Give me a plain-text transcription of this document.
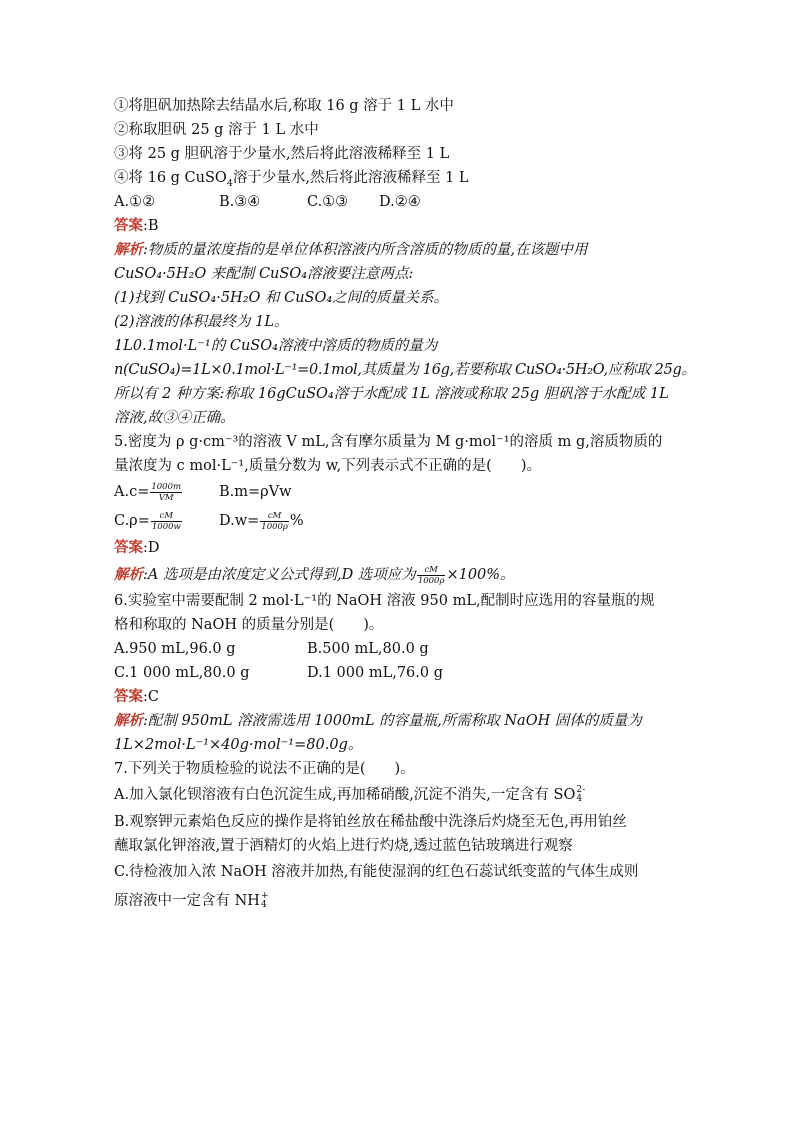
①将胆矾加热除去结晶水后,称取 16 g 溶于 1 L 水中
②称取胆矾 25 g 溶于 1 L 水中
③将 25 g 胆矾溶于少量水,然后将此溶液稀释至 1 L
④将 16 g CuSO$_4$溶于少量水,然后将此溶液稀释至 1 L
A.①②	B.③④	C.①③ D.②④
答案:B
解析:物质的量浓度指的是单位体积溶液内所含溶质的物质的量,在该题中用
CuSO₄·5H₂O 来配制 CuSO₄溶液要注意两点:
(1)找到 CuSO₄·5H₂O 和 CuSO₄之间的质量关系。
(2)溶液的体积最终为 1L。
1L0.1mol·L⁻¹的 CuSO₄溶液中溶质的物质的量为
n(CuSO₄)=1L×0.1mol·L⁻¹=0.1mol,其质量为 16g,若要称取 CuSO₄·5H₂O,应称取 25g。
所以有 2 种方案:称取 16gCuSO₄溶于水配成 1L 溶液或称取 25g 胆矾溶于水配成 1L
溶液,故③④正确。
5.密度为 ρ g·cm⁻³的溶液 V mL,含有摩尔质量为 M g·mol⁻¹的溶质 m g,溶质物质的
量浓度为 c mol·L⁻¹,质量分数为 w,下列表示式不正确的是(　　)。
$A.c= \frac{1000m}{VM}$	B.m=ρVw
$C.\rho= \frac{cM}{1000w}$	$D.w= \frac{cM}{1000\rho}$ %
答案:D
解析:A 选项是由浓度定义公式得到,D 选项应为 $\frac{cM}{1000\rho} \times 100\%$。
6.实验室中需要配制 2 mol·L⁻¹的 NaOH 溶液 950 mL,配制时应选用的容量瓶的规
格和称取的 NaOH 的质量分别是(　　)。
A.950 mL,96.0 g	B.500 mL,80.0 g
C.1 000 mL,80.0 g	D.1 000 mL,76.0 g
答案:C
解析:配制 950mL 溶液需选用 1000mL 的容量瓶,所需称取 NaOH 固体的质量为
1L×2mol·L⁻¹×40g·mol⁻¹=80.0g。
7.下列关于物质检验的说法不正确的是(　　)。
A.加入氯化钡溶液有白色沉淀生成,再加稀硝酸,沉淀不消失,一定含有 SO 2-
4
B.观察钾元素焰色反应的操作是将铂丝放在稀盐酸中洗涤后灼烧至无色,再用铂丝
蘸取氯化钾溶液,置于酒精灯的火焰上进行灼烧,透过蓝色钴玻璃进行观察
C.待检液加入浓 NaOH 溶液并加热,有能使湿润的红色石蕊试纸变蓝的气体生成则
原溶液中一定含有 NH +
4
